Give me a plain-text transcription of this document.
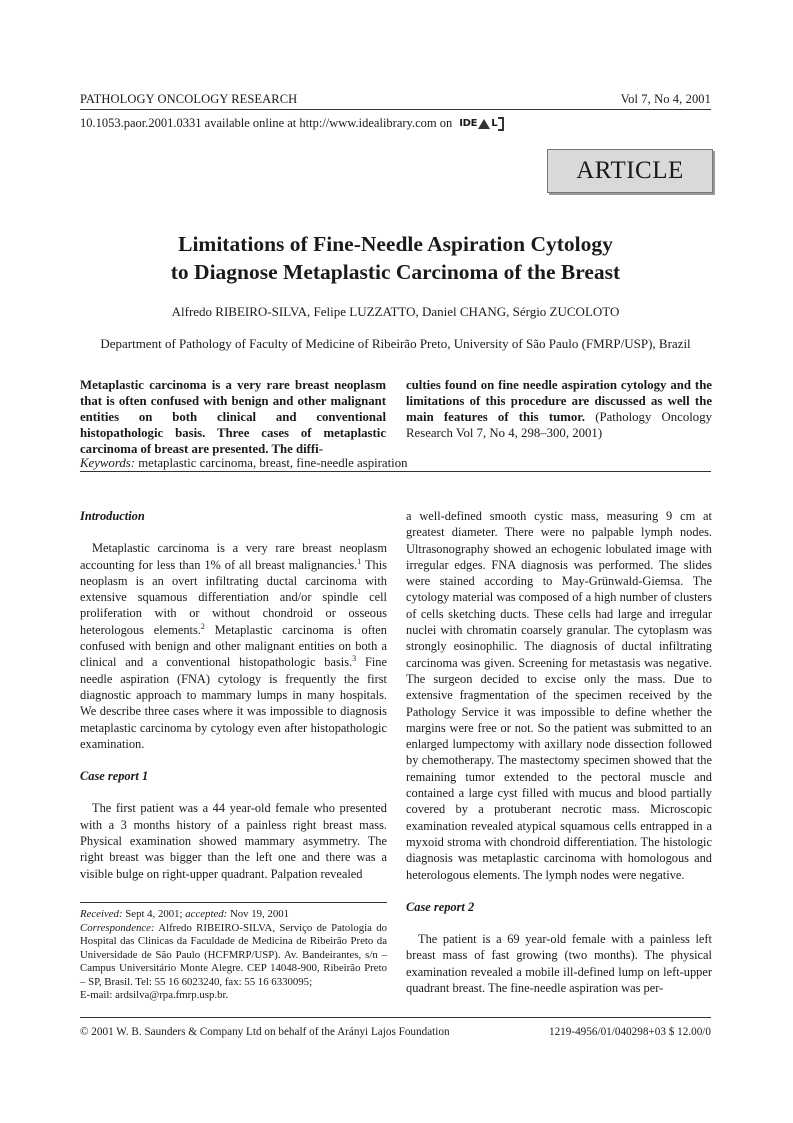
PATHOLOGY ONCOLOGY RESEARCH	Vol 7, No 4, 2001
10.1053.paor.2001.0331 available online at http://www.idealibrary.com on IDE L
ARTICLE
Limitations of Fine-Needle Aspiration Cytology
to Diagnose Metaplastic Carcinoma of the Breast
Alfredo RIBEIRO-SILVA, Felipe LUZZATTO, Daniel CHANG, Sérgio ZUCOLOTO
Department of Pathology of Faculty of Medicine of Ribeirão Preto, University of São Paulo (FMRP/USP), Brazil
Metaplastic carcinoma is a very rare breast neoplasm that is often confused with benign and other malignant entities on both clinical and conventional histopathologic basis. Three cases of metaplastic carcinoma of breast are presented. The diffi-
culties found on fine needle aspiration cytology and the limitations of this procedure are discussed as well the main features of this tumor. (Pathology Oncology Research Vol 7, No 4, 298–300, 2001)
Keywords: metaplastic carcinoma, breast, fine-needle aspiration

Introduction

Metaplastic carcinoma is a very rare breast neoplasm accounting for less than 1% of all breast malignancies.$^1$ This neoplasm is an overt infiltrating ductal carcinoma with extensive squamous differentiation and/or spindle cell proliferation with or without chondroid or osseous heterologous elements.$^2$ Metaplastic carcinoma is often confused with benign and other malignant entities on both a clinical and a conventional histopathologic basis.$^3$ Fine needle aspiration (FNA) cytology is frequently the first diagnostic approach to mammary lumps in many hospitals. We describe three cases where it was impossible to diagnosis metaplastic carcinoma by cytology even after histopathologic examination.

Case report 1

The first patient was a 44 year-old female who presented with a 3 months history of a painless right breast mass. Physical examination showed mammary asymmetry. The right breast was bigger than the left one and there was a visible bulge on right-upper quadrant. Palpation revealed

Received: Sept 4, 2001; accepted: Nov 19, 2001
Correspondence: Alfredo RIBEIRO-SILVA, Serviço de Patologia do Hospital das Clinicas da Faculdade de Medicina de Ribeirão Preto da Universidade de São Paulo (HCFMRP/USP). Av. Bandeirantes, s/n – Campus Universitário Monte Alegre. CEP 14048-900, Ribeirão Preto – SP, Brasil. Tel: 55 16 6023240, fax: 55 16 6330095;
E-mail: ardsilva@rpa.fmrp.usp.br.

a well-defined smooth cystic mass, measuring 9 cm at greatest diameter. There were no palpable lymph nodes. Ultrasonography showed an echogenic lobulated image with irregular edges. FNA diagnosis was performed. The slides were stained according to May-Grünwald-Giemsa. The cytology material was composed of a high number of clusters of cells sketching ducts. These cells had large and irregular nuclei with chromatin coarsely granular. The cytoplasm was strongly eosinophilic. The diagnosis of ductal infiltrating carcinoma was given. Screening for metastasis was negative. The surgeon decided to excise only the mass. Due to extensive fragmentation of the specimen received by the Pathology Service it was impossible to define whether the margins were free or not. So the patient was submitted to an enlarged lumpectomy with axillary node dissection followed by chemotherapy. The mastectomy specimen showed that the remaining tumor extended to the pectoral muscle and contained a large cyst filled with mucus and blood partially covered by a protuberant necrotic mass. Microscopic examination revealed atypical squamous cells entrapped in a myxoid stroma with chondroid differentiation. The histologic diagnosis was metaplastic carcinoma with homologous and heterologous elements. The lymph nodes were negative.

Case report 2

The patient is a 69 year-old female with a painless left breast mass of fast growing (two months). The physical examination revealed a mobile ill-defined lump on left-upper quadrant breast. The fine-needle aspiration was per-

© 2001 W. B. Saunders & Company Ltd on behalf of the Arányi Lajos Foundation	1219-4956/01/040298+03 $ 12.00/0
